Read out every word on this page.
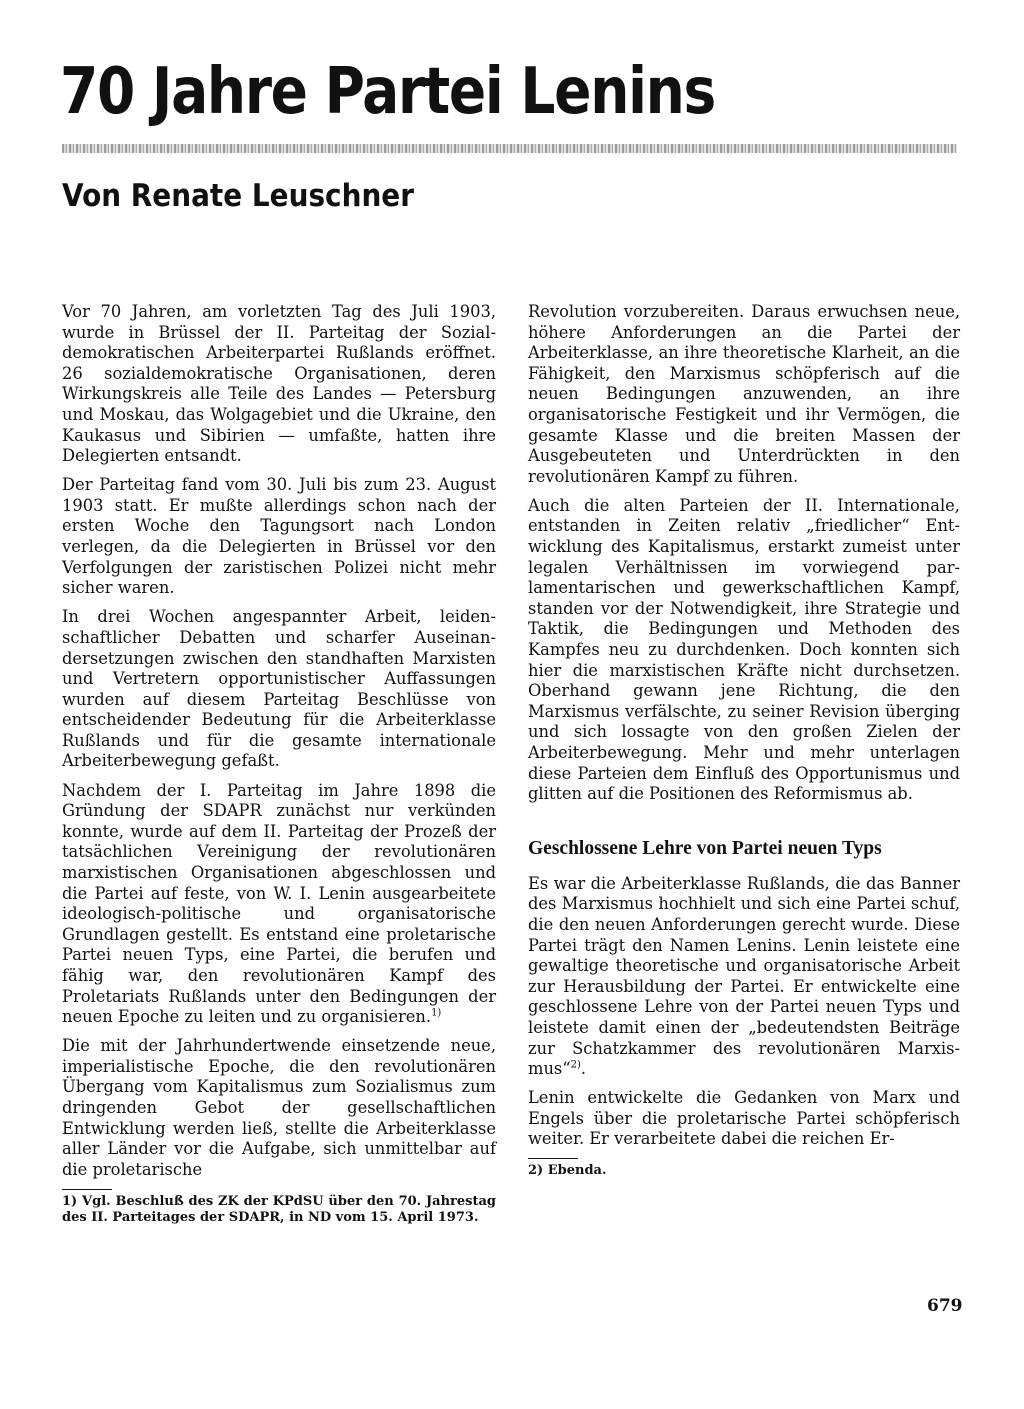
70 Jahre Partei Lenins
Von Renate Leuschner

Vor 70 Jahren, am vorletzten Tag des Juli 1903, wurde in Brüssel der II. Parteitag der Sozialdemokratischen Arbeiterpartei Rußlands eröffnet. 26 sozialdemokratische Organisationen, deren Wirkungskreis alle Teile des Landes — Petersburg und Moskau, das Wolgagebiet und die Ukraine, den Kaukasus und Sibirien — umfaßte, hatten ihre Delegierten entsandt.

Der Parteitag fand vom 30. Juli bis zum 23. August 1903 statt. Er mußte allerdings schon nach der ersten Woche den Tagungsort nach London verlegen, da die Delegierten in Brüssel vor den Verfolgungen der zaristischen Polizei nicht mehr sicher waren.

In drei Wochen angespannter Arbeit, leidenschaftlicher Debatten und scharfer Auseinandersetzungen zwischen den standhaften Marxisten und Vertretern opportunistischer Auffassungen wurden auf diesem Parteitag Beschlüsse von entscheidender Bedeutung für die Arbeiterklasse Rußlands und für die gesamte internationale Arbeiterbewegung gefaßt.

Nachdem der I. Parteitag im Jahre 1898 die Gründung der SDAPR zunächst nur verkünden konnte, wurde auf dem II. Parteitag der Prozeß der tatsächlichen Vereinigung der revolutionären marxistischen Organisationen abgeschlossen und die Partei auf feste, von W. I. Lenin ausgearbeitete ideologisch-politische und organisatorische Grundlagen gestellt. Es entstand eine proletarische Partei neuen Typs, eine Partei, die berufen und fähig war, den revolutionären Kampf des Proletariats Rußlands unter den Bedingungen der neuen Epoche zu leiten und zu organisieren.$^{1)}$

Die mit der Jahrhundertwende einsetzende neue, imperialistische Epoche, die den revolutionären Übergang vom Kapitalismus zum Sozialismus zum dringenden Gebot der gesellschaftlichen Entwicklung werden ließ, stellte die Arbeiterklasse aller Länder vor die Aufgabe, sich unmittelbar auf die proletarische

1) Vgl. Beschluß des ZK der KPdSU über den 70. Jahrestag des II. Parteitages der SDAPR, in ND vom 15. April 1973.

Revolution vorzubereiten. Daraus erwuchsen neue, höhere Anforderungen an die Partei der Arbeiterklasse, an ihre theoretische Klarheit, an die Fähigkeit, den Marxismus schöpferisch auf die neuen Bedingungen anzuwenden, an ihre organisatorische Festigkeit und ihr Vermögen, die gesamte Klasse und die breiten Massen der Ausgebeuteten und Unterdrückten in den revolutionären Kampf zu führen.

Auch die alten Parteien der II. Internationale, entstanden in Zeiten relativ „friedlicher“ Entwicklung des Kapitalismus, erstarkt zumeist unter legalen Verhältnissen im vorwiegend parlamentarischen und gewerkschaftlichen Kampf, standen vor der Notwendigkeit, ihre Strategie und Taktik, die Bedingungen und Methoden des Kampfes neu zu durchdenken. Doch konnten sich hier die marxistischen Kräfte nicht durchsetzen. Oberhand gewann jene Richtung, die den Marxismus verfälschte, zu seiner Revision überging und sich lossagte von den großen Zielen der Arbeiterbewegung. Mehr und mehr unterlagen diese Parteien dem Einfluß des Opportunismus und glitten auf die Positionen des Reformismus ab.

Geschlossene Lehre von Partei neuen Typs

Es war die Arbeiterklasse Rußlands, die das Banner des Marxismus hochhielt und sich eine Partei schuf, die den neuen Anforderungen gerecht wurde. Diese Partei trägt den Namen Lenins. Lenin leistete eine gewaltige theoretische und organisatorische Arbeit zur Herausbildung der Partei. Er entwickelte eine geschlossene Lehre von der Partei neuen Typs und leistete damit einen der „bedeutendsten Beiträge zur Schatzkammer des revolutionären Marxismus“$^{2)}$.

Lenin entwickelte die Gedanken von Marx und Engels über die proletarische Partei schöpferisch weiter. Er verarbeitete dabei die reichen Er-

2) Ebenda.

679
